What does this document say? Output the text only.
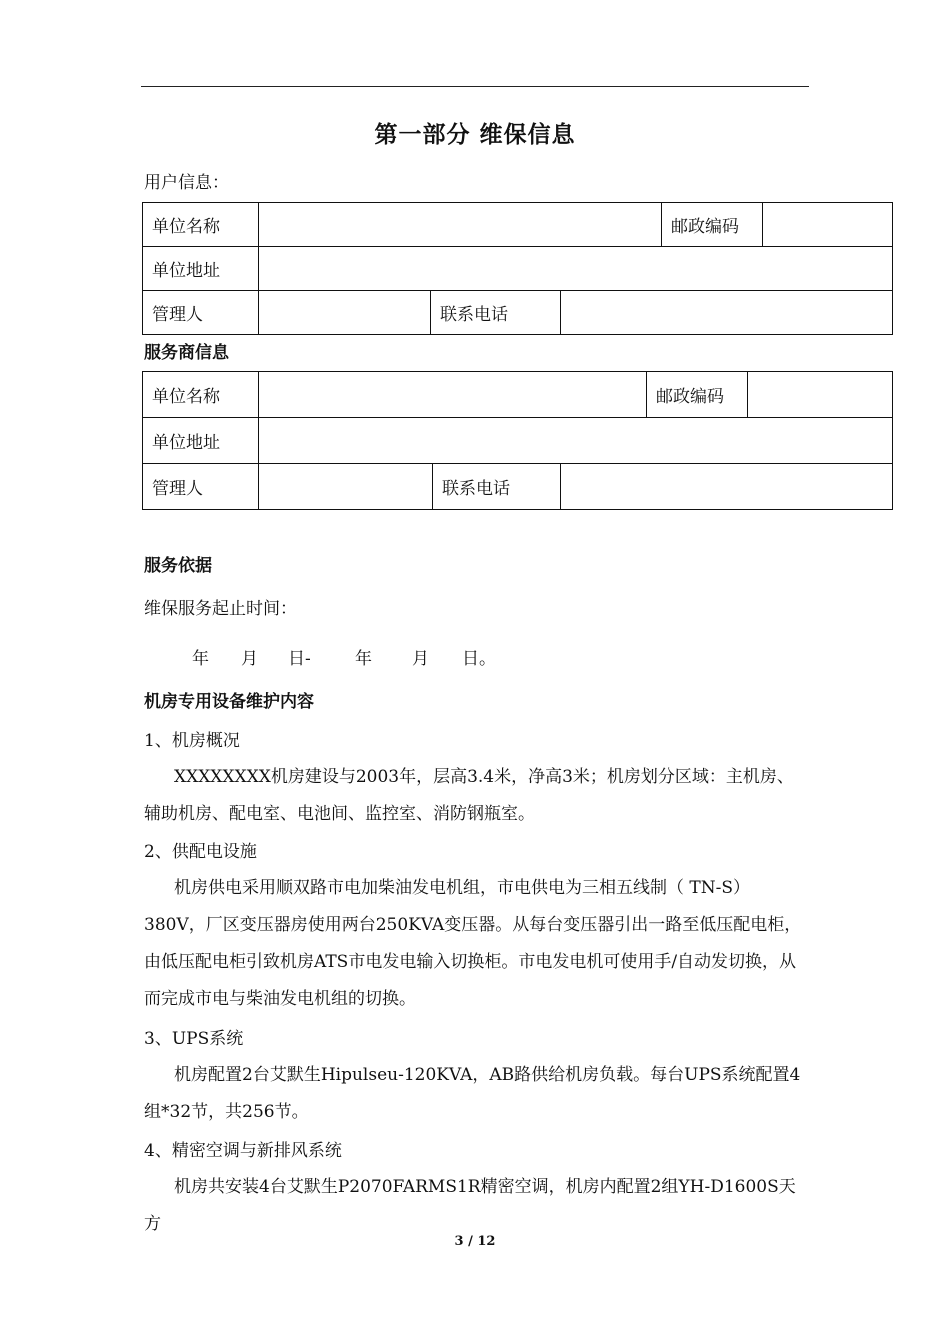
第一部分 维保信息
用户信息：
单位名称				邮政编码	
单位地址					
管理人		联系电话			
服务商信息
单位名称				邮政编码	
单位地址					
管理人		联系电话			
服务依据
维保服务起止时间：
年 月 日-	年 月 日。
机房专用设备维护内容
1、机房概况
XXXXXXXX机房建设与2003年，层高3.4米，净高3米；机房划分区域：主机房、辅助机房、配电室、电池间、监控室、消防钢瓶室。
2、供配电设施
机房供电采用顺双路市电加柴油发电机组，市电供电为三相五线制（ TN-S）380V，厂区变压器房使用两台250KVA变压器。从每台变压器引出一路至低压配电柜，由低压配电柜引致机房ATS市电发电输入切换柜。市电发电机可使用手/自动发切换，从而完成市电与柴油发电机组的切换。
3、UPS系统
机房配置2台艾默生Hipulseu-120KVA，AB路供给机房负载。每台UPS系统配置4组*32节，共256节。
4、精密空调与新排风系统
机房共安装4台艾默生P2070FARMS1R精密空调，机房内配置2组YH-D1600S天方
3 / 12
